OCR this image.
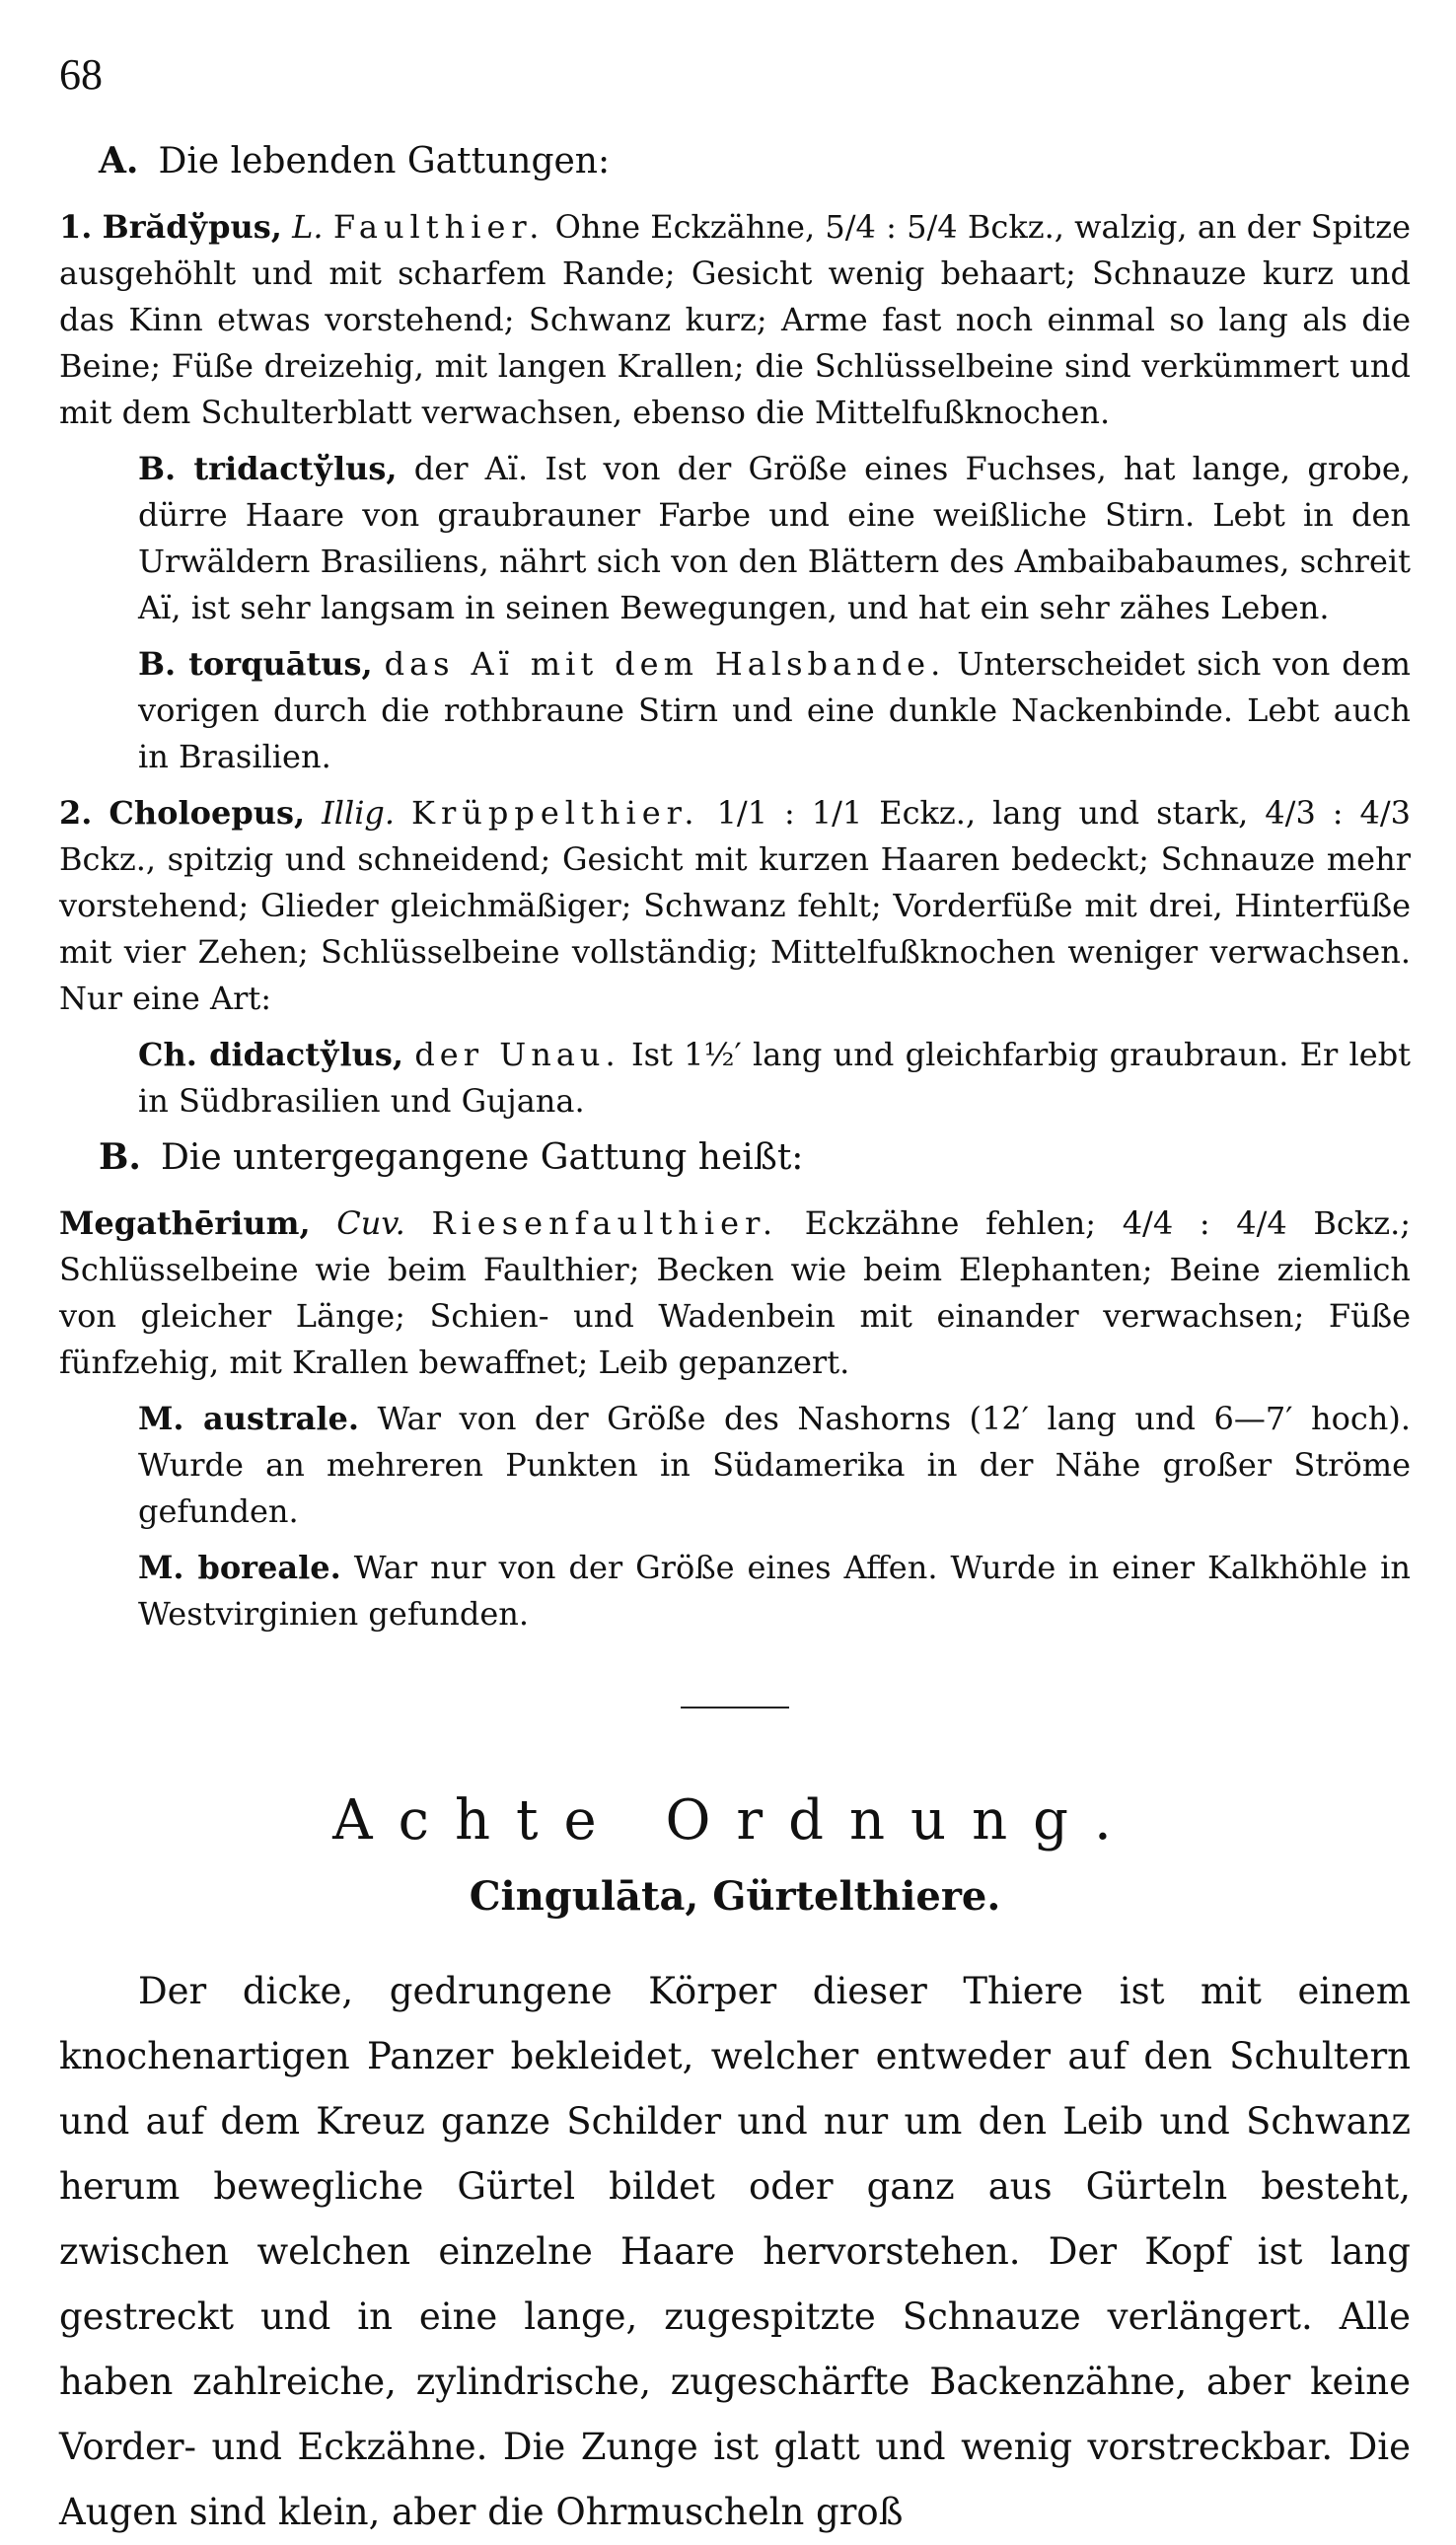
68

A. Die lebenden Gattungen:

1. Brădўpus, L. Faulthier. Ohne Eckzähne, 5/4 : 5/4 Bckz., walzig, an der Spitze ausgehöhlt und mit scharfem Rande; Gesicht wenig behaart; Schnauze kurz und das Kinn etwas vorstehend; Schwanz kurz; Arme fast noch einmal so lang als die Beine; Füße dreizehig, mit langen Krallen; die Schlüsselbeine sind verkümmert und mit dem Schulterblatt verwachsen, ebenso die Mittelfußknochen.

B. tridactўlus, der Aï. Ist von der Größe eines Fuchses, hat lange, grobe, dürre Haare von graubrauner Farbe und eine weißliche Stirn. Lebt in den Urwäldern Brasiliens, nährt sich von den Blättern des Ambaibabaumes, schreit Aï, ist sehr langsam in seinen Bewegungen, und hat ein sehr zähes Leben.

B. torquātus, das Aï mit dem Halsbande. Unterscheidet sich von dem vorigen durch die rothbraune Stirn und eine dunkle Nackenbinde. Lebt auch in Brasilien.

2. Choloepus, Illig. Krüppelthier. 1/1 : 1/1 Eckz., lang und stark, 4/3 : 4/3 Bckz., spitzig und schneidend; Gesicht mit kurzen Haaren bedeckt; Schnauze mehr vorstehend; Glieder gleichmäßiger; Schwanz fehlt; Vorderfüße mit drei, Hinterfüße mit vier Zehen; Schlüsselbeine vollständig; Mittelfußknochen weniger verwachsen. Nur eine Art:

Ch. didactўlus, der Unau. Ist 1½′ lang und gleichfarbig graubraun. Er lebt in Südbrasilien und Gujana.

B. Die untergegangene Gattung heißt:

Megathērium, Cuv. Riesenfaulthier. Eckzähne fehlen; 4/4 : 4/4 Bckz.; Schlüsselbeine wie beim Faulthier; Becken wie beim Elephanten; Beine ziemlich von gleicher Länge; Schien- und Wadenbein mit einander verwachsen; Füße fünfzehig, mit Krallen bewaffnet; Leib gepanzert.

M. australe. War von der Größe des Nashorns (12′ lang und 6—7′ hoch). Wurde an mehreren Punkten in Südamerika in der Nähe großer Ströme gefunden.

M. boreale. War nur von der Größe eines Affen. Wurde in einer Kalkhöhle in Westvirginien gefunden.

Achte Ordnung.

Cingulāta, Gürtelthiere.

Der dicke, gedrungene Körper dieser Thiere ist mit einem knochenartigen Panzer bekleidet, welcher entweder auf den Schultern und auf dem Kreuz ganze Schilder und nur um den Leib und Schwanz herum bewegliche Gürtel bildet oder ganz aus Gürteln besteht, zwischen welchen einzelne Haare hervorstehen. Der Kopf ist lang gestreckt und in eine lange, zugespitzte Schnauze verlängert. Alle haben zahlreiche, zylindrische, zugeschärfte Backenzähne, aber keine Vorder- und Eckzähne. Die Zunge ist glatt und wenig vorstreckbar. Die Augen sind klein, aber die Ohrmuscheln groß
